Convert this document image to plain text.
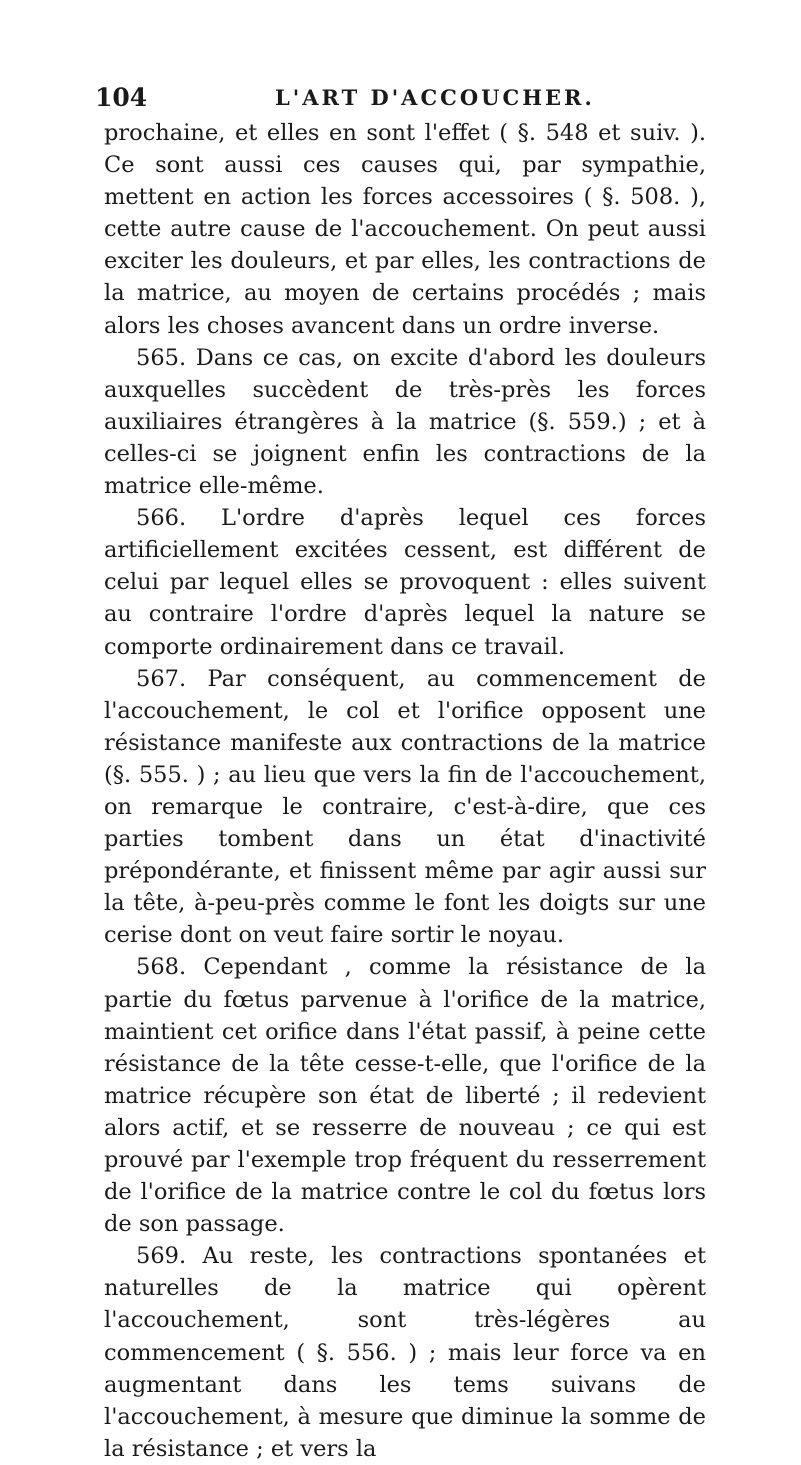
104	L'ART D'ACCOUCHER.

prochaine, et elles en sont l'effet ( §. 548 et suiv. ). Ce sont aussi ces causes qui, par sympathie, mettent en action les forces accessoires ( §. 508. ), cette autre cause de l'accouchement. On peut aussi exciter les douleurs, et par elles, les contractions de la matrice, au moyen de certains procédés ; mais alors les choses avancent dans un ordre inverse.

565. Dans ce cas, on excite d'abord les douleurs auxquelles succèdent de très-près les forces auxiliaires étrangères à la matrice (§. 559.) ; et à celles-ci se joignent enfin les contractions de la matrice elle-même.

566. L'ordre d'après lequel ces forces artificiellement excitées cessent, est différent de celui par lequel elles se provoquent : elles suivent au contraire l'ordre d'après lequel la nature se comporte ordinairement dans ce travail.

567. Par conséquent, au commencement de l'accouchement, le col et l'orifice opposent une résistance manifeste aux contractions de la matrice (§. 555. ) ; au lieu que vers la fin de l'accouchement, on remarque le contraire, c'est-à-dire, que ces parties tombent dans un état d'inactivité prépondérante, et finissent même par agir aussi sur la tête, à-peu-près comme le font les doigts sur une cerise dont on veut faire sortir le noyau.

568. Cependant , comme la résistance de la partie du fœtus parvenue à l'orifice de la matrice, maintient cet orifice dans l'état passif, à peine cette résistance de la tête cesse-t-elle, que l'orifice de la matrice récupère son état de liberté ; il redevient alors actif, et se resserre de nouveau ; ce qui est prouvé par l'exemple trop fréquent du resserrement de l'orifice de la matrice contre le col du fœtus lors de son passage.

569. Au reste, les contractions spontanées et naturelles de la matrice qui opèrent l'accouchement, sont très-légères au commencement ( §. 556. ) ; mais leur force va en augmentant dans les tems suivans de l'accouchement, à mesure que diminue la somme de la résistance ; et vers la
